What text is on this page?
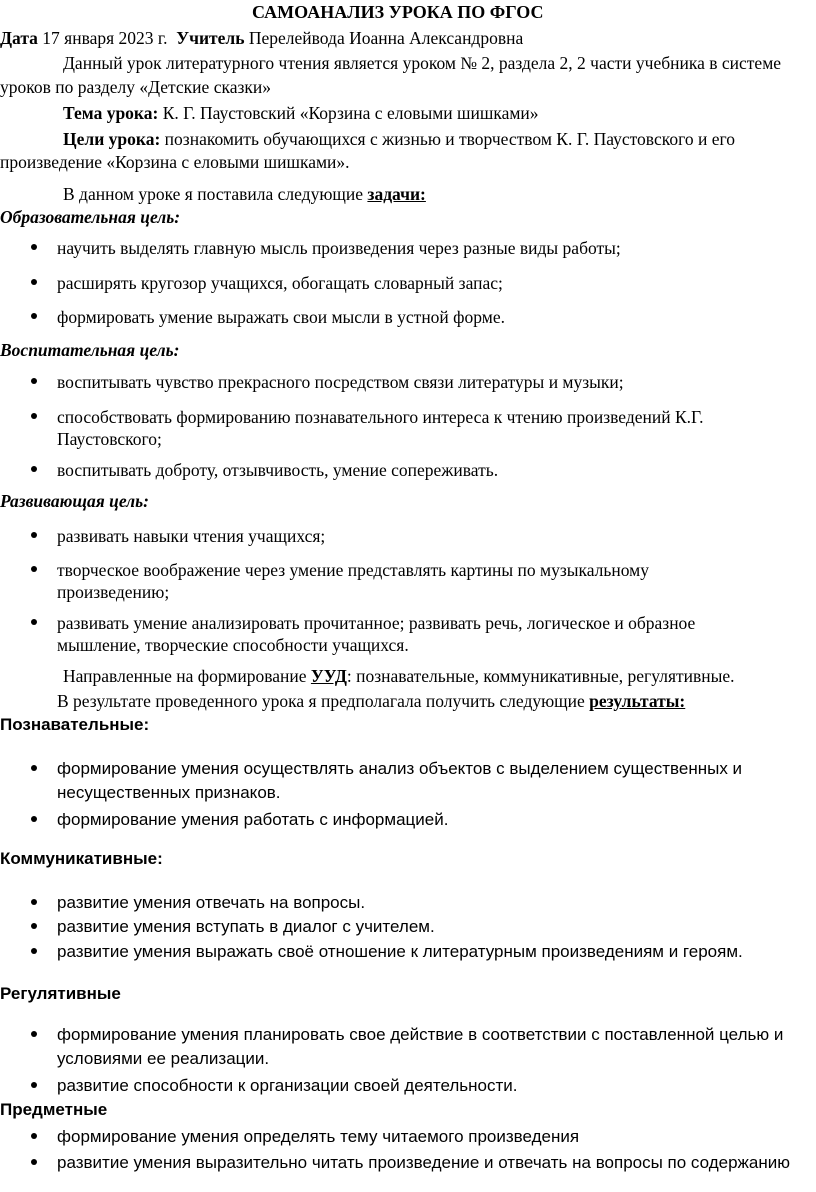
САМОАНАЛИЗ УРОКА ПО ФГОС
Дата 17 января 2023 г. Учитель Перелейвода Иоанна Александровна
Данный урок литературного чтения является уроком № 2, раздела 2, 2 части учебника в системе
уроков по разделу «Детские сказки»
Тема урока: К. Г. Паустовский «Корзина с еловыми шишками»
Цели урока: познакомить обучающихся с жизнью и творчеством К. Г. Паустовского и его
произведение «Корзина с еловыми шишками».
В данном уроке я поставила следующие задачи:
Образовательная цель:
научить выделять главную мысль произведения через разные виды работы;
расширять кругозор учащихся, обогащать словарный запас;
формировать умение выражать свои мысли в устной форме.
Воспитательная цель:
воспитывать чувство прекрасного посредством связи литературы и музыки;
способствовать формированию познавательного интереса к чтению произведений К.Г.
Паустовского;
воспитывать доброту, отзывчивость, умение сопереживать.
Развивающая цель:
развивать навыки чтения учащихся;
творческое воображение через умение представлять картины по музыкальному
произведению;
развивать умение анализировать прочитанное; развивать речь, логическое и образное
мышление, творческие способности учащихся.
Направленные на формирование УУД: познавательные, коммуникативные, регулятивные.
В результате проведенного урока я предполагала получить следующие результаты:
Познавательные:
формирование умения осуществлять анализ объектов с выделением существенных и
несущественных признаков.
формирование умения работать с информацией.
Коммуникативные:
развитие умения отвечать на вопросы.
развитие умения вступать в диалог с учителем.
развитие умения выражать своё отношение к литературным произведениям и героям.
Регулятивные
формирование умения планировать свое действие в соответствии с поставленной целью и
условиями ее реализации.
развитие способности к организации своей деятельности.
Предметные
формирование умения определять тему читаемого произведения
развитие умения выразительно читать произведение и отвечать на вопросы по содержанию
